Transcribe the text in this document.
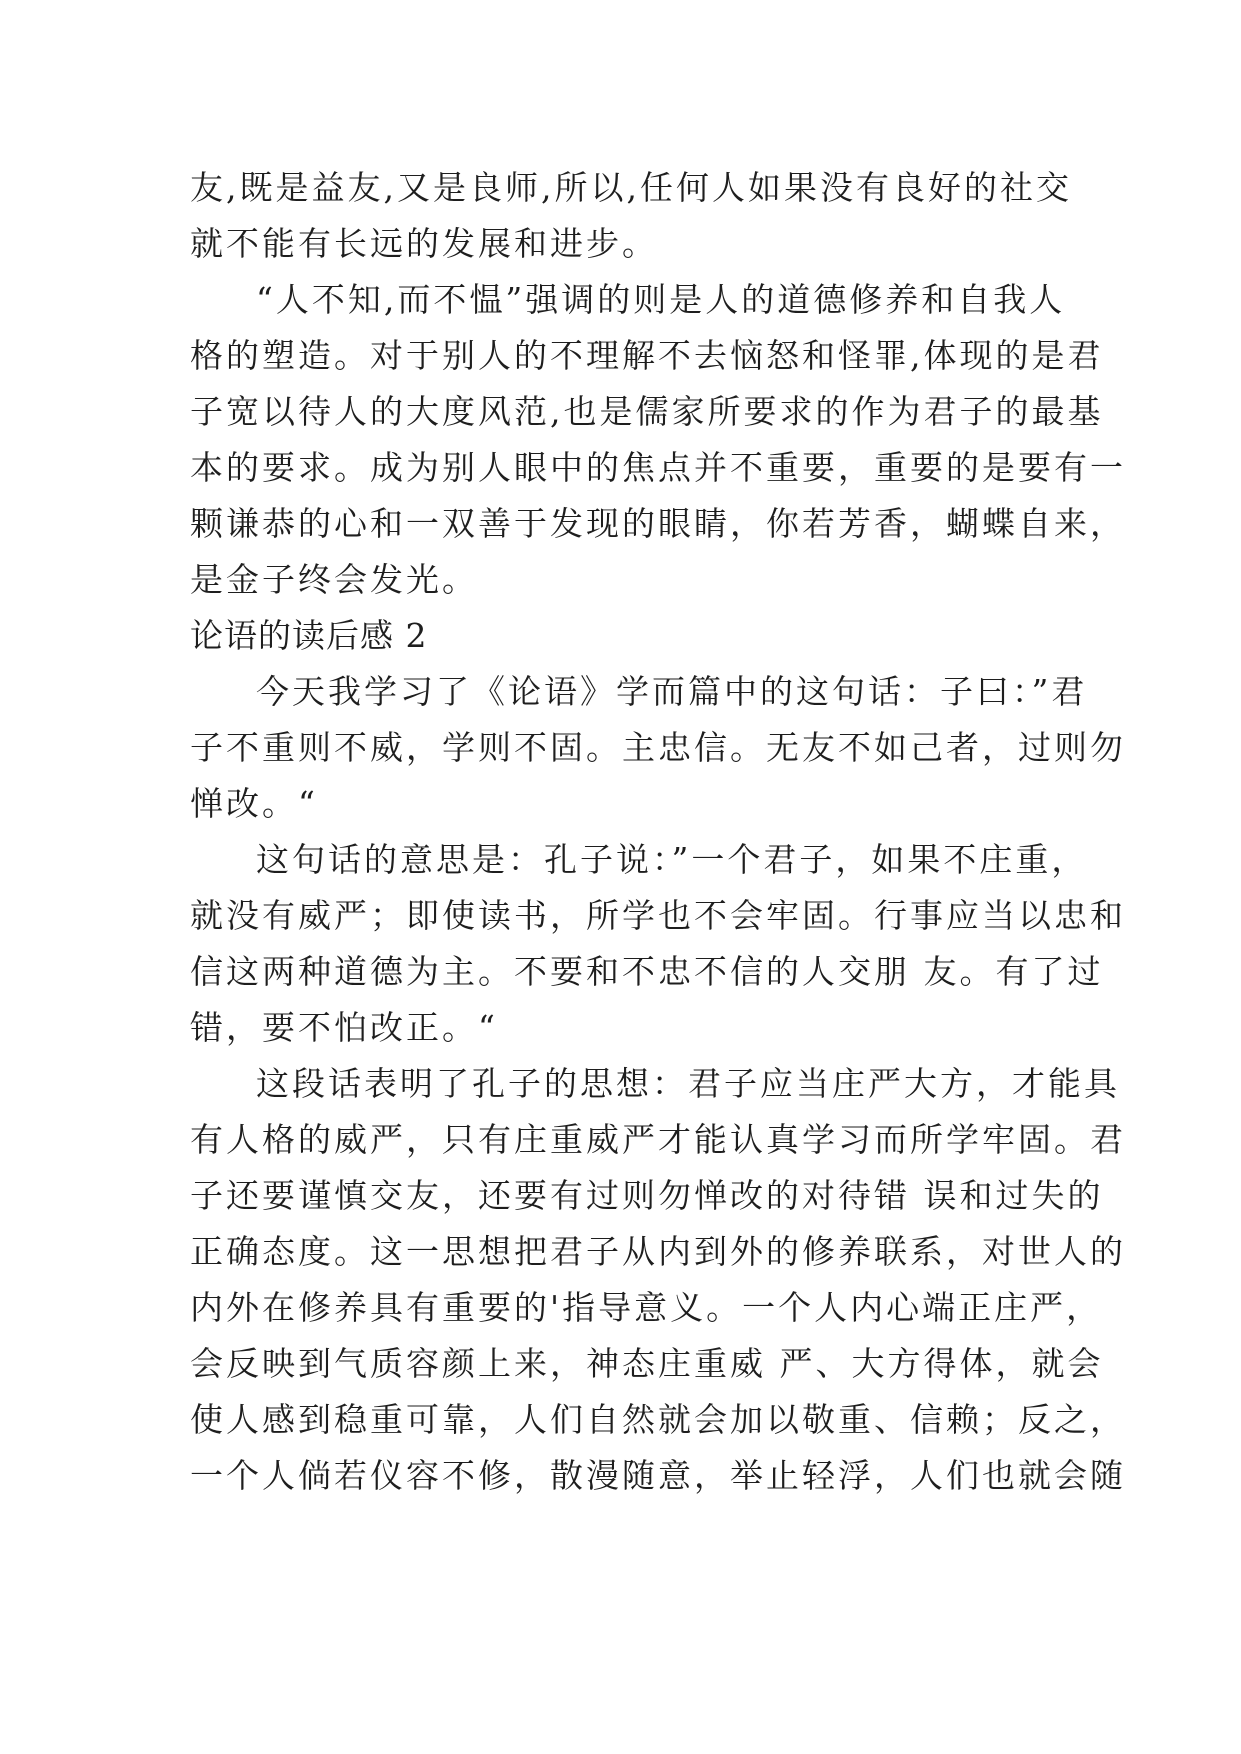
友,既是益友,又是良师,所以,任何人如果没有良好的社交
就不能有长远的发展和进步。
“人不知,而不愠”强调的则是人的道德修养和自我人
格的塑造。对于别人的不理解不去恼怒和怪罪,体现的是君
子宽以待人的大度风范,也是儒家所要求的作为君子的最基
本的要求。成为别人眼中的焦点并不重要，重要的是要有一
颗谦恭的心和一双善于发现的眼睛，你若芳香，蝴蝶自来，
是金子终会发光。
论语的读后感 2
今天我学习了《论语》学而篇中的这句话：子曰：”君
子不重则不威，学则不固。主忠信。无友不如己者，过则勿
惮改。“
这句话的意思是：孔子说：”一个君子，如果不庄重，
就没有威严；即使读书，所学也不会牢固。行事应当以忠和
信这两种道德为主。不要和不忠不信的人交朋 友。有了过
错，要不怕改正。“
这段话表明了孔子的思想：君子应当庄严大方，才能具
有人格的威严，只有庄重威严才能认真学习而所学牢固。君
子还要谨慎交友，还要有过则勿惮改的对待错 误和过失的
正确态度。这一思想把君子从内到外的修养联系，对世人的
内外在修养具有重要的'指导意义。一个人内心端正庄严，
会反映到气质容颜上来，神态庄重威 严、大方得体，就会
使人感到稳重可靠，人们自然就会加以敬重、信赖；反之，
一个人倘若仪容不修，散漫随意，举止轻浮，人们也就会随
